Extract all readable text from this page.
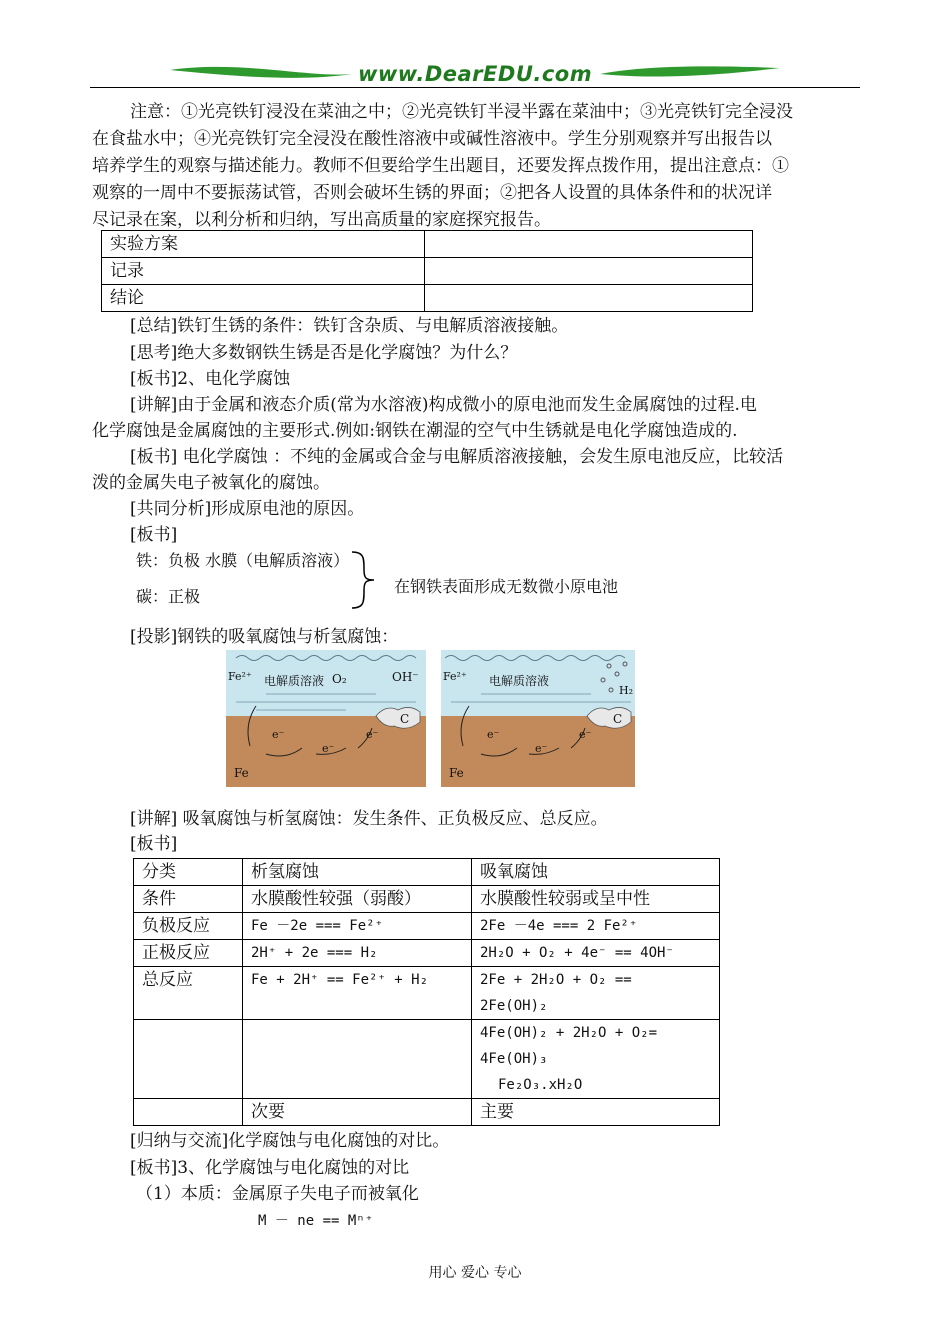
www.DearEDU.com
注意：①光亮铁钉浸没在菜油之中；②光亮铁钉半浸半露在菜油中；③光亮铁钉完全浸没
在食盐水中；④光亮铁钉完全浸没在酸性溶液中或碱性溶液中。学生分别观察并写出报告以
培养学生的观察与描述能力。教师不但要给学生出题目，还要发挥点拨作用，提出注意点：①
观察的一周中不要振荡试管，否则会破坏生锈的界面；②把各人设置的具体条件和的状况详
尽记录在案，以利分析和归纳，写出高质量的家庭探究报告。
实验方案	
记录	
结论	
[总结]铁钉生锈的条件：铁钉含杂质、与电解质溶液接触。
[思考]绝大多数钢铁生锈是否是化学腐蚀？为什么？
[板书]2、电化学腐蚀
[讲解]由于金属和液态介质(常为水溶液)构成微小的原电池而发生金属腐蚀的过程.电
化学腐蚀是金属腐蚀的主要形式.例如:钢铁在潮湿的空气中生锈就是电化学腐蚀造成的.
[板书] 电化学腐蚀 ：不纯的金属或合金与电解质溶液接触，会发生原电池反应，比较活
泼的金属失电子被氧化的腐蚀。
[共同分析]形成原电池的原因。
[板书]
铁：负极 水膜（电解质溶液）
碳：正极
在钢铁表面形成无数微小原电池
[投影]钢铁的吸氧腐蚀与析氢腐蚀：
Fe²⁺ 电解质溶液 O₂	OH⁻
C
e⁻
e⁻
e⁻
Fe
Fe²⁺ 电解质溶液
H₂
C
e⁻
e⁻
e⁻
Fe
[讲解] 吸氧腐蚀与析氢腐蚀：发生条件、正负极反应、总反应。
[板书]
分类	析氢腐蚀	吸氧腐蚀
条件	水膜酸性较强（弱酸）	水膜酸性较弱或呈中性
负极反应	Fe －2e === Fe²⁺	2Fe －4e === 2 Fe²⁺
正极反应	2H⁺ + 2e === H₂	2H₂O + O₂ + 4e⁻ == 4OH⁻
总反应	Fe + 2H⁺ == Fe²⁺ + H₂	2Fe + 2H₂O + O₂ ==
2Fe(OH)₂

		4Fe(OH)₂ + 2H₂O + O₂=
4Fe(OH)₃
Fe₂O₃.xH₂O

	次要	主要
[归纳与交流]化学腐蚀与电化腐蚀的对比。
[板书]3、化学腐蚀与电化腐蚀的对比
（1）本质：金属原子失电子而被氧化
M － ne == Mⁿ⁺
用心 爱心 专心
